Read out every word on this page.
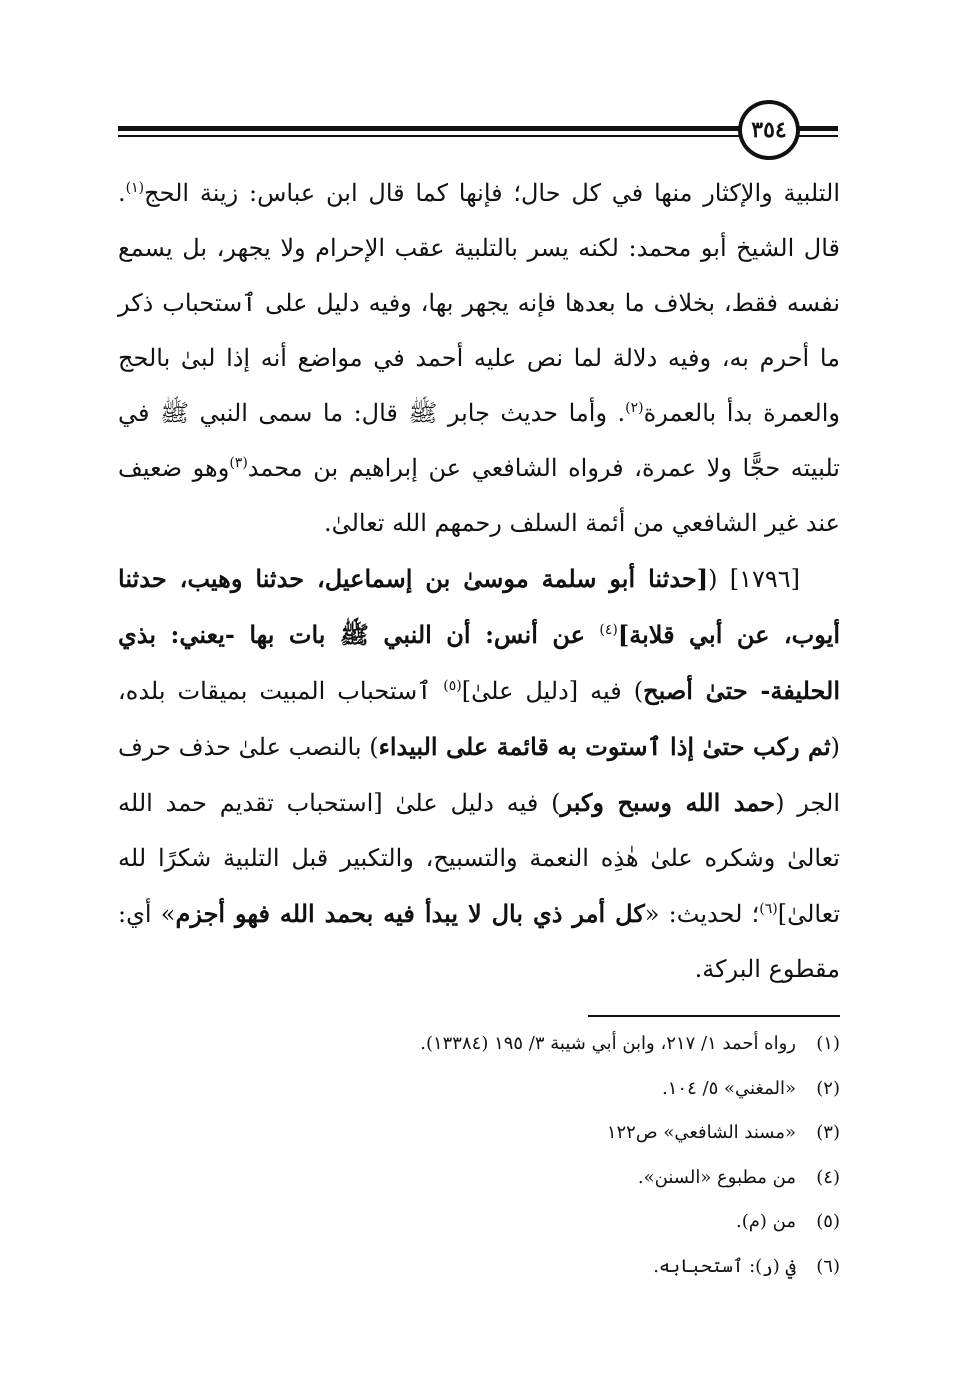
٣٥٤

التلبية والإكثار منها في كل حال؛ فإنها كما قال ابن عباس: زينة الحج$^{(١)}$. قال الشيخ أبو محمد: لكنه يسر بالتلبية عقب الإحرام ولا يجهر، بل يسمع نفسه فقط، بخلاف ما بعدها فإنه يجهر بها، وفيه دليل على ٱستحباب ذكر ما أحرم به، وفيه دلالة لما نص عليه أحمد في مواضع أنه إذا لبىٰ بالحج والعمرة بدأ بالعمرة$^{(٢)}$. وأما حديث جابر ﷺ قال: ما سمى النبي ﷺ في تلبيته حجًّا ولا عمرة، فرواه الشافعي عن إبراهيم بن محمد$^{(٣)}$وهو ضعيف عند غير الشافعي من أئمة السلف رحمهم الله تعالىٰ.

[١٧٩٦] ([حدثنا أبو سلمة موسىٰ بن إسماعيل، حدثنا وهيب، حدثنا أيوب، عن أبي قلابة]$^{(٤)}$ عن أنس: أن النبي ﷺ بات بها -يعني: بذي الحليفة- حتىٰ أصبح) فيه [دليل علىٰ]$^{(٥)}$ ٱستحباب المبيت بميقات بلده، (ثم ركب حتىٰ إذا ٱستوت به قائمة على البيداء) بالنصب علىٰ حذف حرف الجر (حمد الله وسبح وكبر) فيه دليل علىٰ [استحباب تقديم حمد الله تعالىٰ وشكره علىٰ هٰذِه النعمة والتسبيح، والتكبير قبل التلبية شكرًا لله تعالىٰ]$^{(٦)}$؛ لحديث: «كل أمر ذي بال لا يبدأ فيه بحمد الله فهو أجزم» أي: مقطوع البركة.

(١)رواه أحمد ١/ ٢١٧، وابن أبي شيبة ٣/ ١٩٥ (١٣٣٨٤).
(٢)«المغني» ٥/ ١٠٤.
(٣)«مسند الشافعي» ص١٢٢
(٤)من مطبوع «السنن».
(٥)من (م).
(٦)في (ر): ٱستحبابه.
